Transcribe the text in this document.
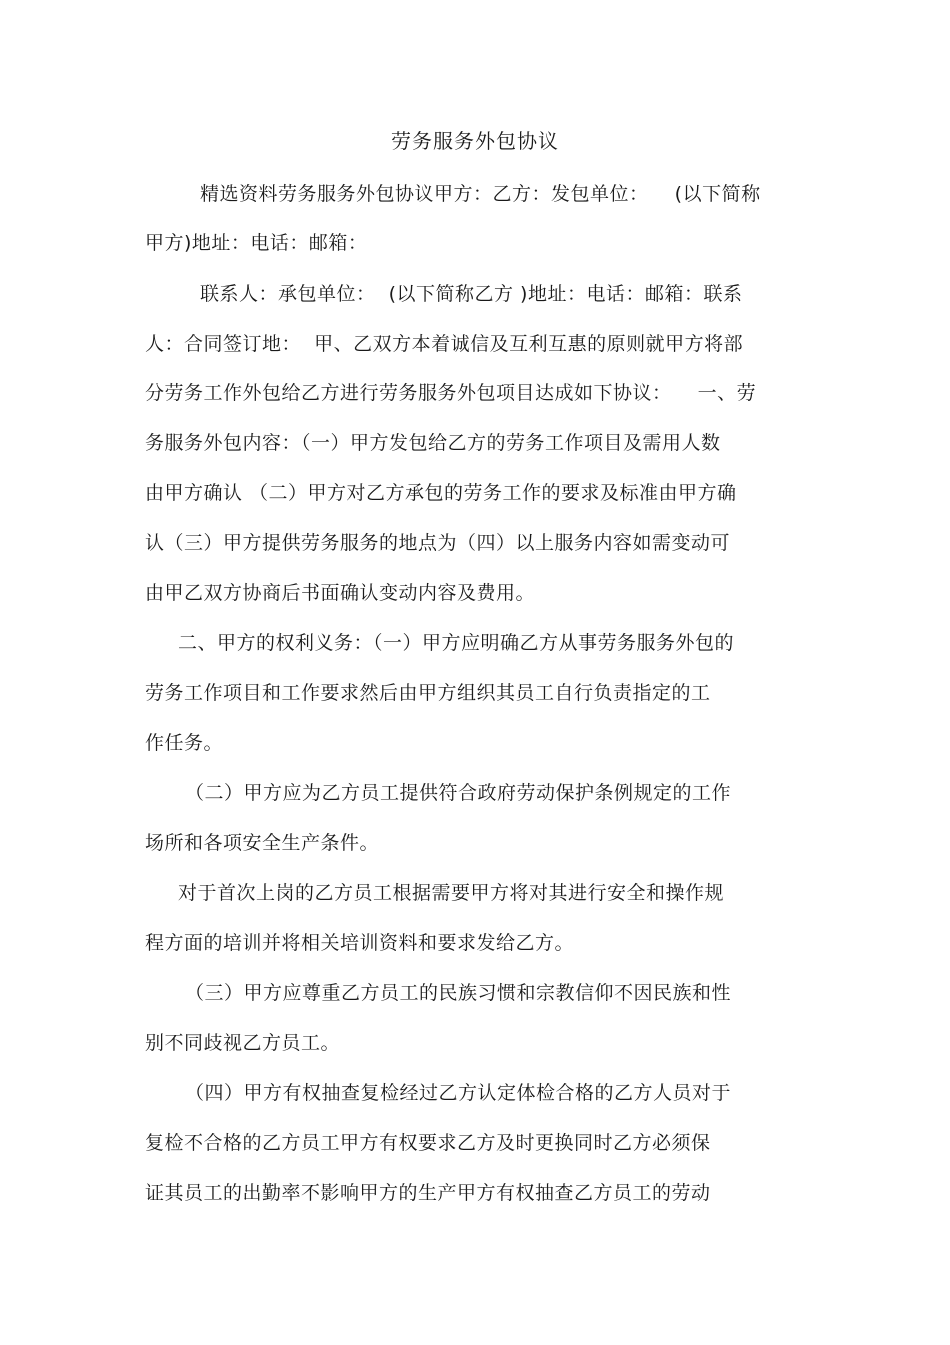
劳务服务外包协议
精选资料劳务服务外包协议甲方：乙方：发包单位：    (以下简称
甲方)地址：电话：邮箱：
联系人：承包单位：  (以下简称乙方 )地址：电话：邮箱：联系
人：合同签订地：  甲、乙双方本着诚信及互利互惠的原则就甲方将部
分劳务工作外包给乙方进行劳务服务外包项目达成如下协议：    一、劳
务服务外包内容：（一）甲方发包给乙方的劳务工作项目及需用人数
由甲方确认 （二）甲方对乙方承包的劳务工作的要求及标准由甲方确
认（三）甲方提供劳务服务的地点为（四）以上服务内容如需变动可
由甲乙双方协商后书面确认变动内容及费用。
二、甲方的权利义务：（一）甲方应明确乙方从事劳务服务外包的
劳务工作项目和工作要求然后由甲方组织其员工自行负责指定的工
作任务。
（二）甲方应为乙方员工提供符合政府劳动保护条例规定的工作
场所和各项安全生产条件。
对于首次上岗的乙方员工根据需要甲方将对其进行安全和操作规
程方面的培训并将相关培训资料和要求发给乙方。
（三）甲方应尊重乙方员工的民族习惯和宗教信仰不因民族和性
别不同歧视乙方员工。
（四）甲方有权抽查复检经过乙方认定体检合格的乙方人员对于
复检不合格的乙方员工甲方有权要求乙方及时更换同时乙方必须保
证其员工的出勤率不影响甲方的生产甲方有权抽查乙方员工的劳动
